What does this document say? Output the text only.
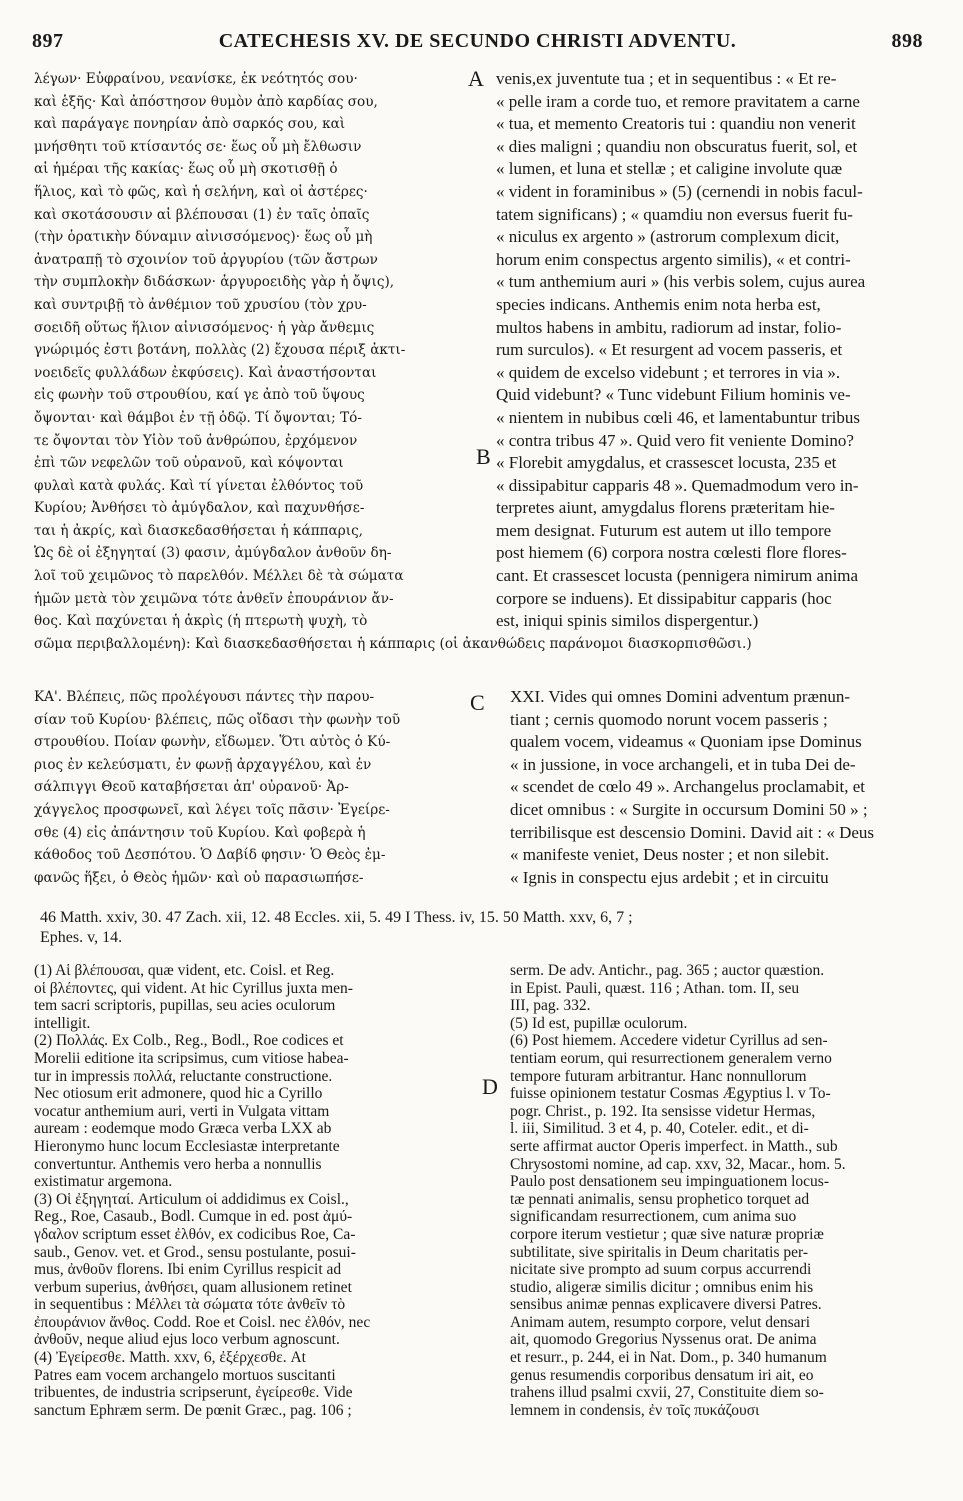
897	CATECHESIS XV. DE SECUNDO CHRISTI ADVENTU.	898
A
B
C
D
λέγων· Εὐφραίνου, νεανίσκε, ἐκ νεότητός σου·
καὶ ἑξῆς· Καὶ ἀπόστησον θυμὸν ἀπὸ καρδίας σου,
καὶ παράγαγε πονηρίαν ἀπὸ σαρκός σου, καὶ
μνήσθητι τοῦ κτίσαντός σε· ἕως οὗ μὴ ἔλθωσιν
αἱ ἡμέραι τῆς κακίας· ἕως οὗ μὴ σκοτισθῇ ὁ
ἥλιος, καὶ τὸ φῶς, καὶ ἡ σελήνη, καὶ οἱ ἀστέρες·
καὶ σκοτάσουσιν αἱ βλέπουσαι (1) ἐν ταῖς ὀπαῖς
(τὴν ὁρατικὴν δύναμιν αἰνισσόμενος)· ἕως οὗ μὴ
ἀνατραπῇ τὸ σχοινίον τοῦ ἀργυρίου (τῶν ἄστρων
τὴν συμπλοκὴν διδάσκων· ἀργυροειδὴς γὰρ ἡ ὄψις),
καὶ συντριβῇ τὸ ἀνθέμιον τοῦ χρυσίου (τὸν χρυ-
σοειδῆ οὕτως ἥλιον αἰνισσόμενος· ἡ γὰρ ἄνθεμις
γνώριμός ἐστι βοτάνη, πολλὰς (2) ἔχουσα πέριξ ἀκτι-
νοειδεῖς φυλλάδων ἐκφύσεις). Καὶ ἀναστήσονται
εἰς φωνὴν τοῦ στρουθίου, καί γε ἀπὸ τοῦ ὕψους
ὄψονται· καὶ θάμβοι ἐν τῇ ὁδῷ. Τί ὄψονται; Τό-
τε ὄψονται τὸν Υἱὸν τοῦ ἀνθρώπου, ἐρχόμενον
ἐπὶ τῶν νεφελῶν τοῦ οὐρανοῦ, καὶ κόψονται
φυλαὶ κατὰ φυλάς. Καὶ τί γίνεται ἐλθόντος τοῦ
Κυρίου; Ἀνθήσει τὸ ἀμύγδαλον, καὶ παχυνθήσε-
ται ἡ ἀκρίς, καὶ διασκεδασθήσεται ἡ κάππαρις,
Ὡς δὲ οἱ ἐξηγηταί (3) φασιν, ἀμύγδαλον ἀνθοῦν δη-
λοῖ τοῦ χειμῶνος τὸ παρελθόν. Μέλλει δὲ τὰ σώματα
ἡμῶν μετὰ τὸν χειμῶνα τότε ἀνθεῖν ἐπουράνιον ἄν-
θος. Καὶ παχύνεται ἡ ἀκρὶς (ἡ πτερωτὴ ψυχὴ, τὸ
σῶμα περιβαλλομένη): Καὶ διασκεδασθήσεται ἡ κάππαρις (οἱ ἀκανθώδεις παράνομοι διασκορπισθῶσι.)
venis,ex juventute tua ; et in sequentibus : « Et re-
« pelle iram a corde tuo, et remore pravitatem a carne
« tua, et memento Creatoris tui : quandiu non venerit
« dies maligni ; quandiu non obscuratus fuerit, sol, et
« lumen, et luna et stellæ ; et caligine involute quæ
« vident in foraminibus » (5) (cernendi in nobis facul-
tatem significans) ; « quamdiu non eversus fuerit fu-
« niculus ex argento » (astrorum complexum dicit,
horum enim conspectus argento similis), « et contri-
« tum anthemium auri » (his verbis solem, cujus aurea
species indicans. Anthemis enim nota herba est,
multos habens in ambitu, radiorum ad instar, folio-
rum surculos). « Et resurgent ad vocem passeris, et
« quidem de excelso videbunt ; et terrores in via ».
Quid videbunt? « Tunc videbunt Filium hominis ve-
« nientem in nubibus cœli 46, et lamentabuntur tribus
« contra tribus 47 ». Quid vero fit veniente Domino?
« Florebit amygdalus, et crassescet locusta, 235 et
« dissipabitur capparis 48 ». Quemadmodum vero in-
terpretes aiunt, amygdalus florens præteritam hie-
mem designat. Futurum est autem ut illo tempore
post hiemem (6) corpora nostra cœlesti flore flores-
cant. Et crassescet locusta (pennigera nimirum anima
corpore se induens). Et dissipabitur capparis (hoc
est, iniqui spinis similos dispergentur.)
ΚΑ'. Βλέπεις, πῶς προλέγουσι πάντες τὴν παρου-
σίαν τοῦ Κυρίου· βλέπεις, πῶς οἴδασι τὴν φωνὴν τοῦ
στρουθίου. Ποίαν φωνὴν, εἴδωμεν. Ὅτι αὐτὸς ὁ Κύ-
ριος ἐν κελεύσματι, ἐν φωνῇ ἀρχαγγέλου, καὶ ἐν
σάλπιγγι Θεοῦ καταβήσεται ἀπ' οὐρανοῦ· Ἀρ-
χάγγελος προσφωνεῖ, καὶ λέγει τοῖς πᾶσιν· Ἐγείρε-
σθε (4) εἰς ἀπάντησιν τοῦ Κυρίου. Καὶ φοβερὰ ἡ
κάθοδος τοῦ Δεσπότου. Ὁ Δαβίδ φησιν· Ὁ Θεὸς ἐμ-
φανῶς ἥξει, ὁ Θεὸς ἡμῶν· καὶ οὐ παρασιωπήσε-
XXI. Vides qui omnes Domini adventum prænun-
tiant ; cernis quomodo norunt vocem passeris ;
qualem vocem, videamus « Quoniam ipse Dominus
« in jussione, in voce archangeli, et in tuba Dei de-
« scendet de cœlo 49 ». Archangelus proclamabit, et
dicet omnibus : « Surgite in occursum Domini 50 » ;
terribilisque est descensio Domini. David ait : « Deus
« manifeste veniet, Deus noster ; et non silebit.
« Ignis in conspectu ejus ardebit ; et in circuitu
46 Matth. xxiv, 30. 47 Zach. xii, 12. 48 Eccles. xii, 5. 49 I Thess. iv, 15. 50 Matth. xxv, 6, 7 ;
Ephes. v, 14.
(1) Αἱ βλέπουσαι, quæ vident, etc. Coisl. et Reg.
οἱ βλέποντες, qui vident. At hic Cyrillus juxta men-
tem sacri scriptoris, pupillas, seu acies oculorum
intelligit.
(2) Πολλάς. Ex Colb., Reg., Bodl., Roe codices et
Morelii editione ita scripsimus, cum vitiose habea-
tur in impressis πολλά, reluctante constructione.
Nec otiosum erit admonere, quod hic a Cyrillo
vocatur anthemium auri, verti in Vulgata vittam
auream : eodemque modo Græca verba LXX ab
Hieronymo hunc locum Ecclesiastæ interpretante
convertuntur. Anthemis vero herba a nonnullis
existimatur argemona.
(3) Οἱ ἐξηγηταί. Articulum οἱ addidimus ex Coisl.,
Reg., Roe, Casaub., Bodl. Cumque in ed. post ἀμύ-
γδαλον scriptum esset ἐλθόν, ex codicibus Roe, Ca-
saub., Genov. vet. et Grod., sensu postulante, posui-
mus, ἀνθοῦν florens. Ibi enim Cyrillus respicit ad
verbum superius, ἀνθήσει, quam allusionem retinet
in sequentibus : Μέλλει τὰ σώματα τότε ἀνθεῖν τὸ
ἐπουράνιον ἄνθος. Codd. Roe et Coisl. nec ἐλθόν, nec
ἀνθοῦν, neque aliud ejus loco verbum agnoscunt.
(4) Ἐγείρεσθε. Matth. xxv, 6, ἐξέρχεσθε. At
Patres eam vocem archangelo mortuos suscitanti
tribuentes, de industria scripserunt, ἐγείρεσθε. Vide
sanctum Ephræm serm. De pœnit Græc., pag. 106 ;
serm. De adv. Antichr., pag. 365 ; auctor quæstion.
in Epist. Pauli, quæst. 116 ; Athan. tom. II, seu
III, pag. 332.
(5) Id est, pupillæ oculorum.
(6) Post hiemem. Accedere videtur Cyrillus ad sen-
tentiam eorum, qui resurrectionem generalem verno
tempore futuram arbitrantur. Hanc nonnullorum
fuisse opinionem testatur Cosmas Ægyptius l. v To-
pogr. Christ., p. 192. Ita sensisse videtur Hermas,
l. iii, Similitud. 3 et 4, p. 40, Coteler. edit., et di-
serte affirmat auctor Operis imperfect. in Matth., sub
Chrysostomi nomine, ad cap. xxv, 32, Macar., hom. 5.
Paulo post densationem seu impinguationem locus-
tæ pennati animalis, sensu prophetico torquet ad
significandam resurrectionem, cum anima suo
corpore iterum vestietur ; quæ sive naturæ propriæ
subtilitate, sive spiritalis in Deum charitatis per-
nicitate sive prompto ad suum corpus accurrendi
studio, aligeræ similis dicitur ; omnibus enim his
sensibus animæ pennas explicavere diversi Patres.
Animam autem, resumpto corpore, velut densari
ait, quomodo Gregorius Nyssenus orat. De anima
et resurr., p. 244, ei in Nat. Dom., p. 340 humanum
genus resumendis corporibus densatum iri ait, eo
trahens illud psalmi cxvii, 27, Constituite diem so-
lemnem in condensis, ἐν τοῖς πυκάζουσι
